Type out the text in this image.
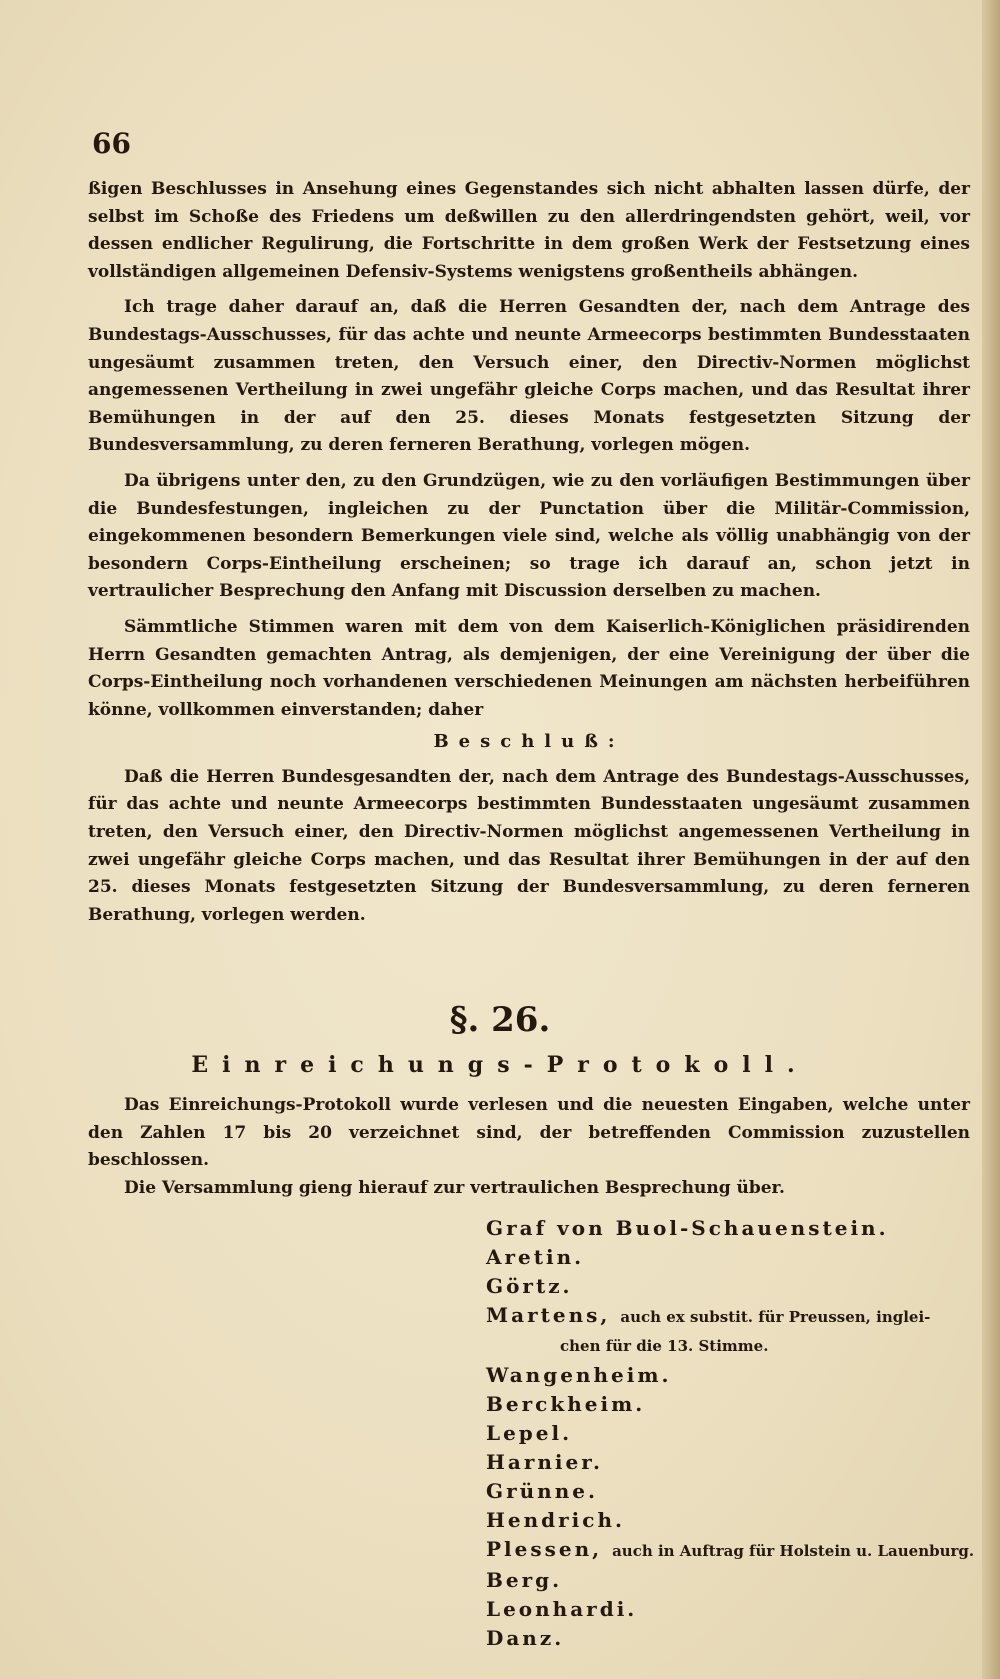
66

ßigen Beschlusses in Ansehung eines Gegenstandes sich nicht abhalten lassen dürfe, der selbst im Schoße des Friedens um deßwillen zu den allerdringendsten gehört, weil, vor dessen endlicher Regulirung, die Fortschritte in dem großen Werk der Festsetzung eines vollständigen allgemeinen Defensiv-Systems wenigstens großentheils abhängen.

Ich trage daher darauf an, daß die Herren Gesandten der, nach dem Antrage des Bundestags-Ausschusses, für das achte und neunte Armeecorps bestimmten Bundesstaaten ungesäumt zusammen treten, den Versuch einer, den Directiv-Normen möglichst angemessenen Vertheilung in zwei ungefähr gleiche Corps machen, und das Resultat ihrer Bemühungen in der auf den 25. dieses Monats festgesetzten Sitzung der Bundesversammlung, zu deren ferneren Berathung, vorlegen mögen.

Da übrigens unter den, zu den Grundzügen, wie zu den vorläufigen Bestimmungen über die Bundesfestungen, ingleichen zu der Punctation über die Militär-Commission, eingekommenen besondern Bemerkungen viele sind, welche als völlig unabhängig von der besondern Corps-Eintheilung erscheinen; so trage ich darauf an, schon jetzt in vertraulicher Besprechung den Anfang mit Discussion derselben zu machen.

Sämmtliche Stimmen waren mit dem von dem Kaiserlich-Königlichen präsidirenden Herrn Gesandten gemachten Antrag, als demjenigen, der eine Vereinigung der über die Corps-Eintheilung noch vorhandenen verschiedenen Meinungen am nächsten herbeiführen könne, vollkommen einverstanden; daher

Beschluß:

Daß die Herren Bundesgesandten der, nach dem Antrage des Bundestags-Ausschusses, für das achte und neunte Armeecorps bestimmten Bundesstaaten ungesäumt zusammen treten, den Versuch einer, den Directiv-Normen möglichst angemessenen Vertheilung in zwei ungefähr gleiche Corps machen, und das Resultat ihrer Bemühungen in der auf den 25. dieses Monats festgesetzten Sitzung der Bundesversammlung, zu deren ferneren Berathung, vorlegen werden.

§. 26.
Einreichungs-Protokoll.

Das Einreichungs-Protokoll wurde verlesen und die neuesten Eingaben, welche unter den Zahlen 17 bis 20 verzeichnet sind, der betreffenden Commission zuzustellen beschlossen.

Die Versammlung gieng hierauf zur vertraulichen Besprechung über.

Graf von Buol-Schauenstein.
Aretin.
Görtz.
Martens, auch ex substit. für Preussen, inglei-
chen für die 13. Stimme.
Wangenheim.
Berckheim.
Lepel.
Harnier.
Grünne.
Hendrich.
Plessen, auch in Auftrag für Holstein u. Lauenburg.
Berg.
Leonhardi.
Danz.
